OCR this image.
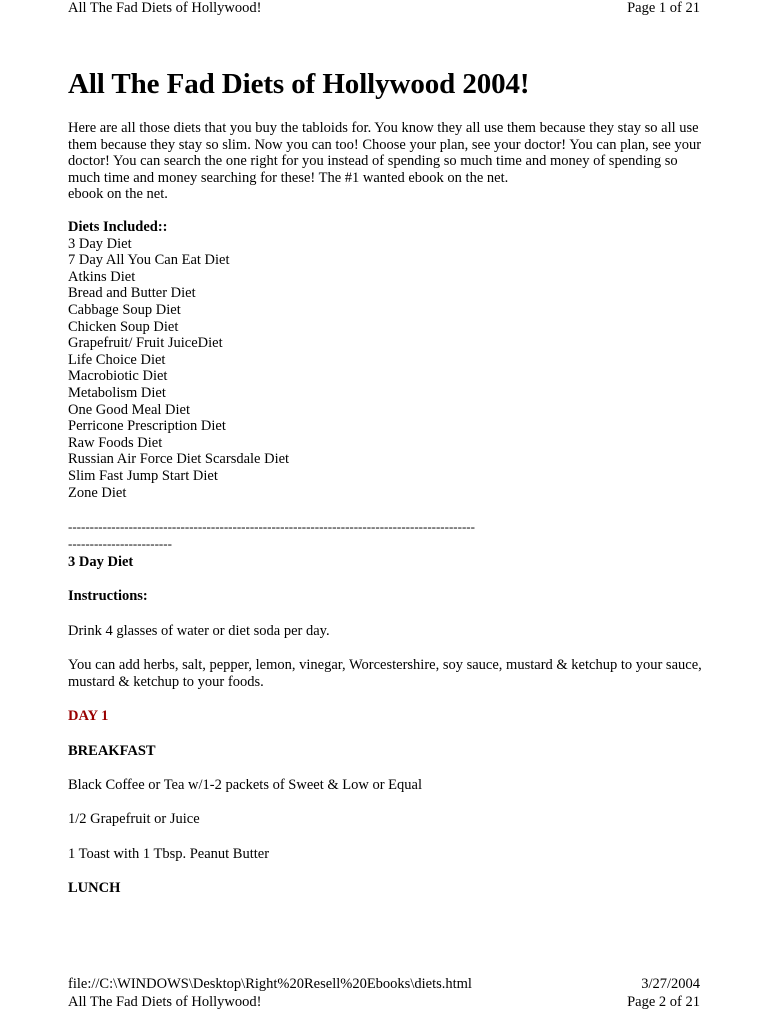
All The Fad Diets of Hollywood!	Page 1 of 21
All The Fad Diets of Hollywood 2004!

Here are all those diets that you buy the tabloids for. You know they all use them because they stay so all use them because they stay so slim. Now you can too! Choose your plan, see your doctor! You can plan, see your doctor! You can search the one right for you instead of spending so much time and money of spending so much time and money searching for these! The #1 wanted ebook on the net.

ebook on the net.

Diets Included::
3 Day Diet
7 Day All You Can Eat Diet
Atkins Diet
Bread and Butter Diet
Cabbage Soup Diet
Chicken Soup Diet
Grapefruit/ Fruit JuiceDiet
Life Choice Diet
Macrobiotic Diet
Metabolism Diet
One Good Meal Diet
Perricone Prescription Diet
Raw Foods Diet
Russian Air Force Diet Scarsdale Diet
Slim Fast Jump Start Diet
Zone Diet
----------------------------------------------------------------------------------------------
------------------------
3 Day Diet
Instructions:
Drink 4 glasses of water or diet soda per day.
You can add herbs, salt, pepper, lemon, vinegar, Worcestershire, soy sauce, mustard & ketchup to your sauce, mustard & ketchup to your foods.
DAY 1
BREAKFAST
Black Coffee or Tea w/1-2 packets of Sweet & Low or Equal
1/2 Grapefruit or Juice
1 Toast with 1 Tbsp. Peanut Butter
LUNCH
file://C:\WINDOWS\Desktop\Right%20Resell%20Ebooks\diets.html	3/27/2004
All The Fad Diets of Hollywood!	Page 2 of 21
